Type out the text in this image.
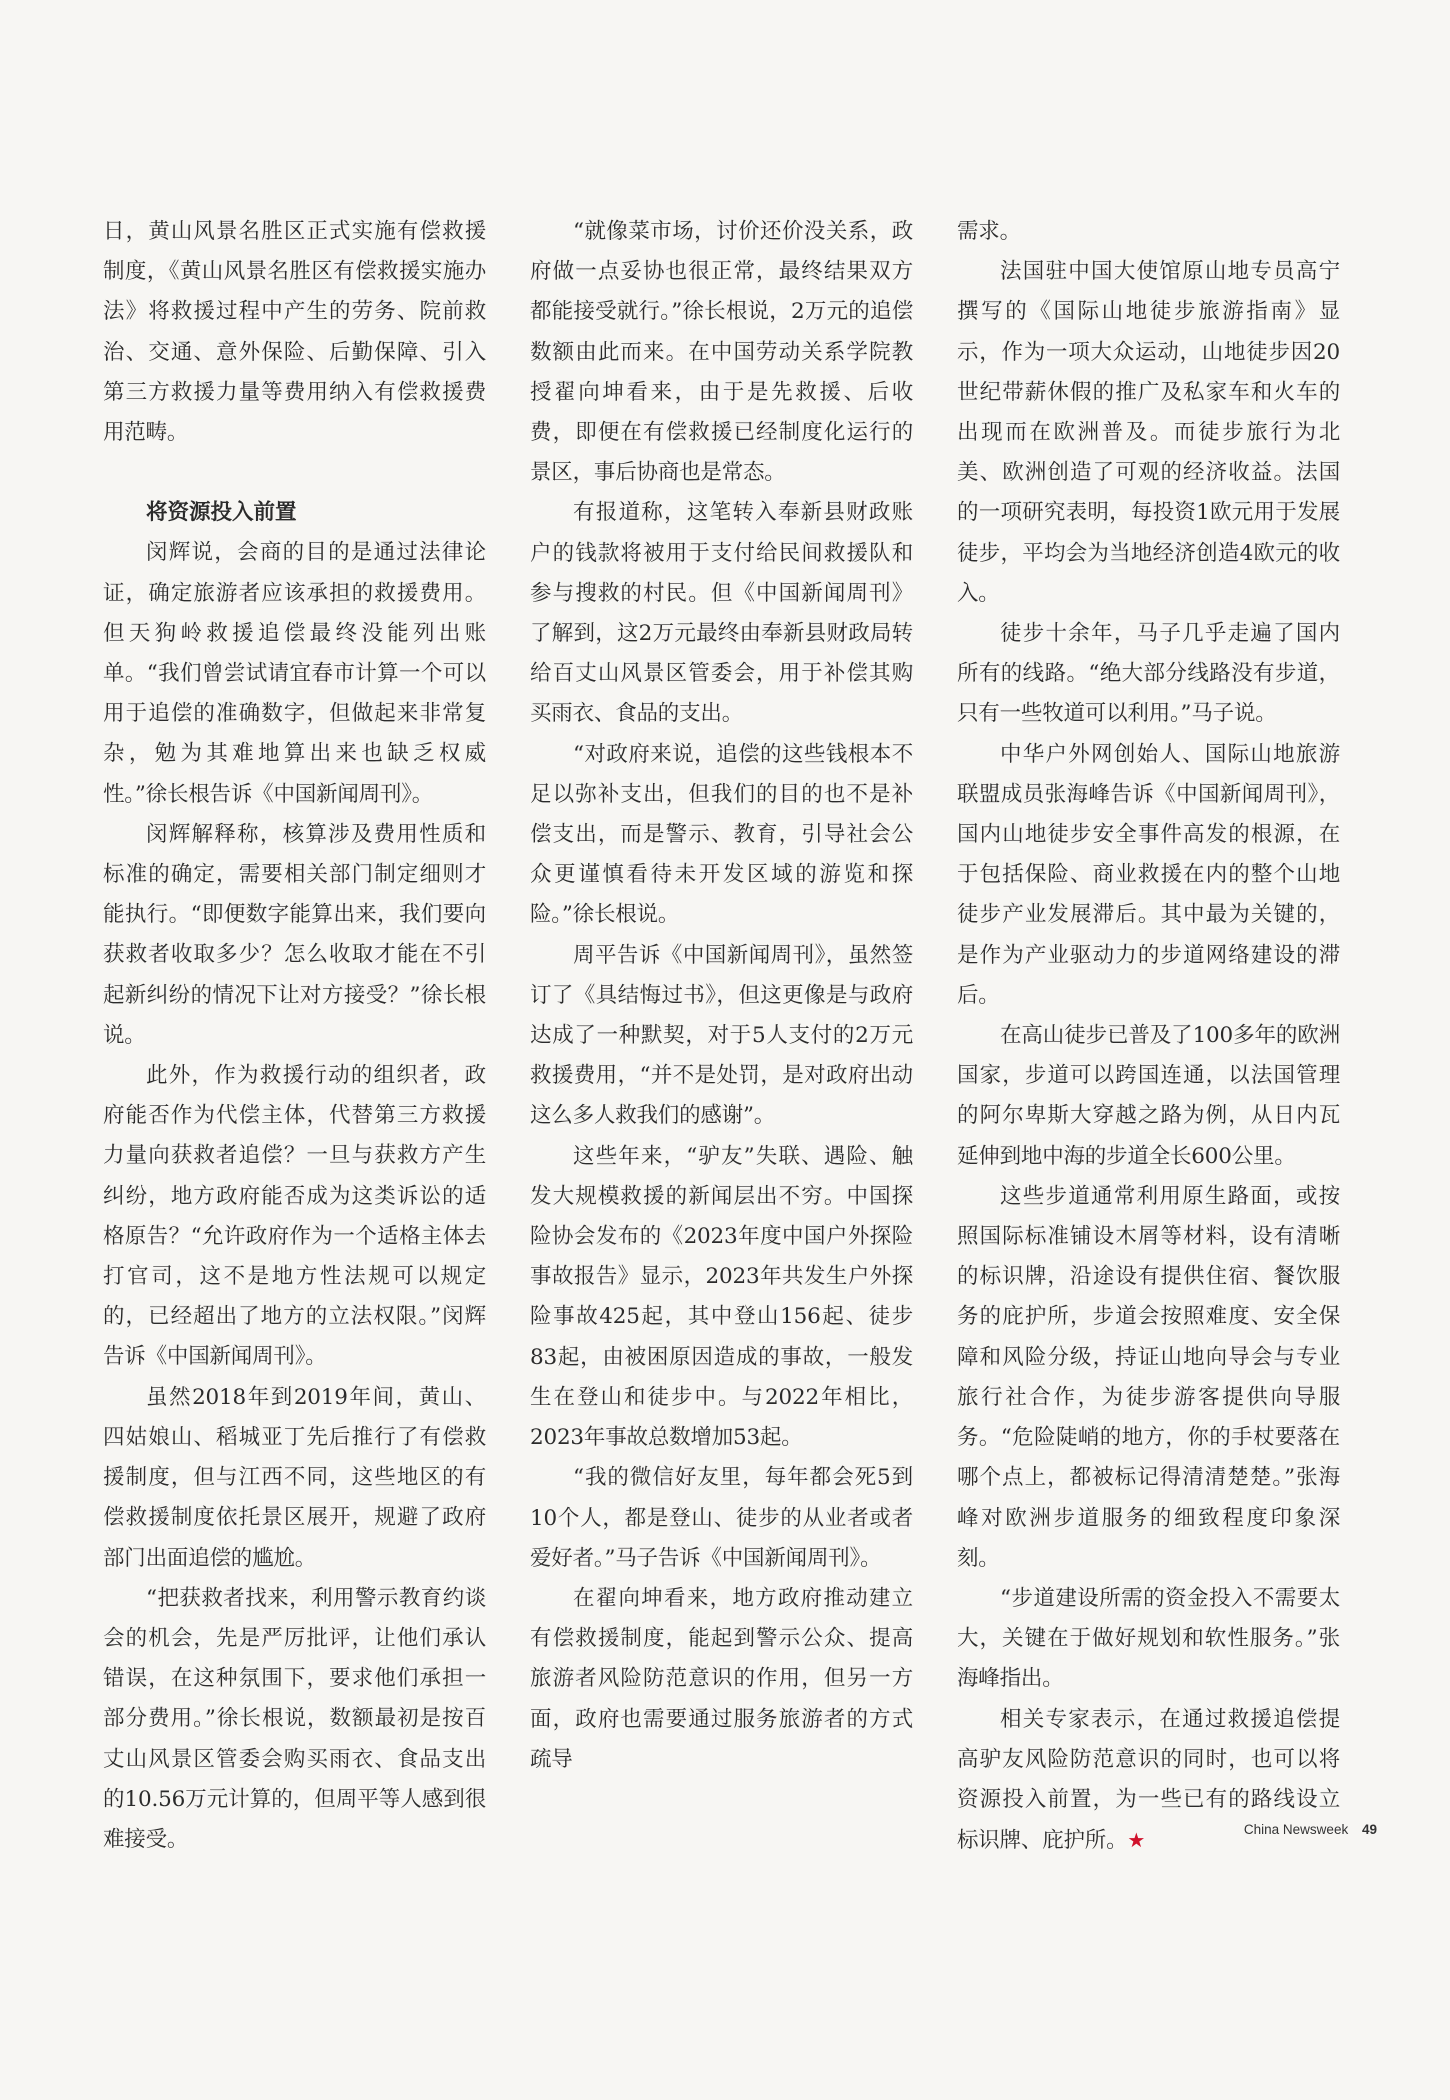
日，黄山风景名胜区正式实施有偿救援制度，《黄山风景名胜区有偿救援实施办法》将救援过程中产生的劳务、院前救治、交通、意外保险、后勤保障、引入第三方救援力量等费用纳入有偿救援费用范畴。

将资源投入前置

闵辉说，会商的目的是通过法律论证，确定旅游者应该承担的救援费用。但天狗岭救援追偿最终没能列出账单。“我们曾尝试请宜春市计算一个可以用于追偿的准确数字，但做起来非常复杂，勉为其难地算出来也缺乏权威性。”徐长根告诉《中国新闻周刊》。

闵辉解释称，核算涉及费用性质和标准的确定，需要相关部门制定细则才能执行。“即便数字能算出来，我们要向获救者收取多少？怎么收取才能在不引起新纠纷的情况下让对方接受？”徐长根说。

此外，作为救援行动的组织者，政府能否作为代偿主体，代替第三方救援力量向获救者追偿？一旦与获救方产生纠纷，地方政府能否成为这类诉讼的适格原告？“允许政府作为一个适格主体去打官司，这不是地方性法规可以规定的，已经超出了地方的立法权限。”闵辉告诉《中国新闻周刊》。

虽然2018年到2019年间，黄山、四姑娘山、稻城亚丁先后推行了有偿救援制度，但与江西不同，这些地区的有偿救援制度依托景区展开，规避了政府部门出面追偿的尴尬。

“把获救者找来，利用警示教育约谈会的机会，先是严厉批评，让他们承认错误，在这种氛围下，要求他们承担一部分费用。”徐长根说，数额最初是按百丈山风景区管委会购买雨衣、食品支出的10.56万元计算的，但周平等人感到很难接受。

“就像菜市场，讨价还价没关系，政府做一点妥协也很正常，最终结果双方都能接受就行。”徐长根说，2万元的追偿数额由此而来。在中国劳动关系学院教授翟向坤看来，由于是先救援、后收费，即便在有偿救援已经制度化运行的景区，事后协商也是常态。

有报道称，这笔转入奉新县财政账户的钱款将被用于支付给民间救援队和参与搜救的村民。但《中国新闻周刊》了解到，这2万元最终由奉新县财政局转给百丈山风景区管委会，用于补偿其购买雨衣、食品的支出。

“对政府来说，追偿的这些钱根本不足以弥补支出，但我们的目的也不是补偿支出，而是警示、教育，引导社会公众更谨慎看待未开发区域的游览和探险。”徐长根说。

周平告诉《中国新闻周刊》，虽然签订了《具结悔过书》，但这更像是与政府达成了一种默契，对于5人支付的2万元救援费用，“并不是处罚，是对政府出动这么多人救我们的感谢”。

这些年来，“驴友”失联、遇险、触发大规模救援的新闻层出不穷。中国探险协会发布的《2023年度中国户外探险事故报告》显示，2023年共发生户外探险事故425起，其中登山156起、徒步83起，由被困原因造成的事故，一般发生在登山和徒步中。与2022年相比，2023年事故总数增加53起。

“我的微信好友里，每年都会死5到10个人，都是登山、徒步的从业者或者爱好者。”马子告诉《中国新闻周刊》。

在翟向坤看来，地方政府推动建立有偿救援制度，能起到警示公众、提高旅游者风险防范意识的作用，但另一方面，政府也需要通过服务旅游者的方式疏导

需求。

法国驻中国大使馆原山地专员高宁撰写的《国际山地徒步旅游指南》显示，作为一项大众运动，山地徒步因20世纪带薪休假的推广及私家车和火车的出现而在欧洲普及。而徒步旅行为北美、欧洲创造了可观的经济收益。法国的一项研究表明，每投资1欧元用于发展徒步，平均会为当地经济创造4欧元的收入。

徒步十余年，马子几乎走遍了国内所有的线路。“绝大部分线路没有步道，只有一些牧道可以利用。”马子说。

中华户外网创始人、国际山地旅游联盟成员张海峰告诉《中国新闻周刊》，国内山地徒步安全事件高发的根源，在于包括保险、商业救援在内的整个山地徒步产业发展滞后。其中最为关键的，是作为产业驱动力的步道网络建设的滞后。

在高山徒步已普及了100多年的欧洲国家，步道可以跨国连通，以法国管理的阿尔卑斯大穿越之路为例，从日内瓦延伸到地中海的步道全长600公里。

这些步道通常利用原生路面，或按照国际标准铺设木屑等材料，设有清晰的标识牌，沿途设有提供住宿、餐饮服务的庇护所，步道会按照难度、安全保障和风险分级，持证山地向导会与专业旅行社合作，为徒步游客提供向导服务。“危险陡峭的地方，你的手杖要落在哪个点上，都被标记得清清楚楚。”张海峰对欧洲步道服务的细致程度印象深刻。

“步道建设所需的资金投入不需要太大，关键在于做好规划和软性服务。”张海峰指出。

相关专家表示，在通过救援追偿提高驴友风险防范意识的同时，也可以将资源投入前置，为一些已有的路线设立标识牌、庇护所。★	China Newsweek 49
